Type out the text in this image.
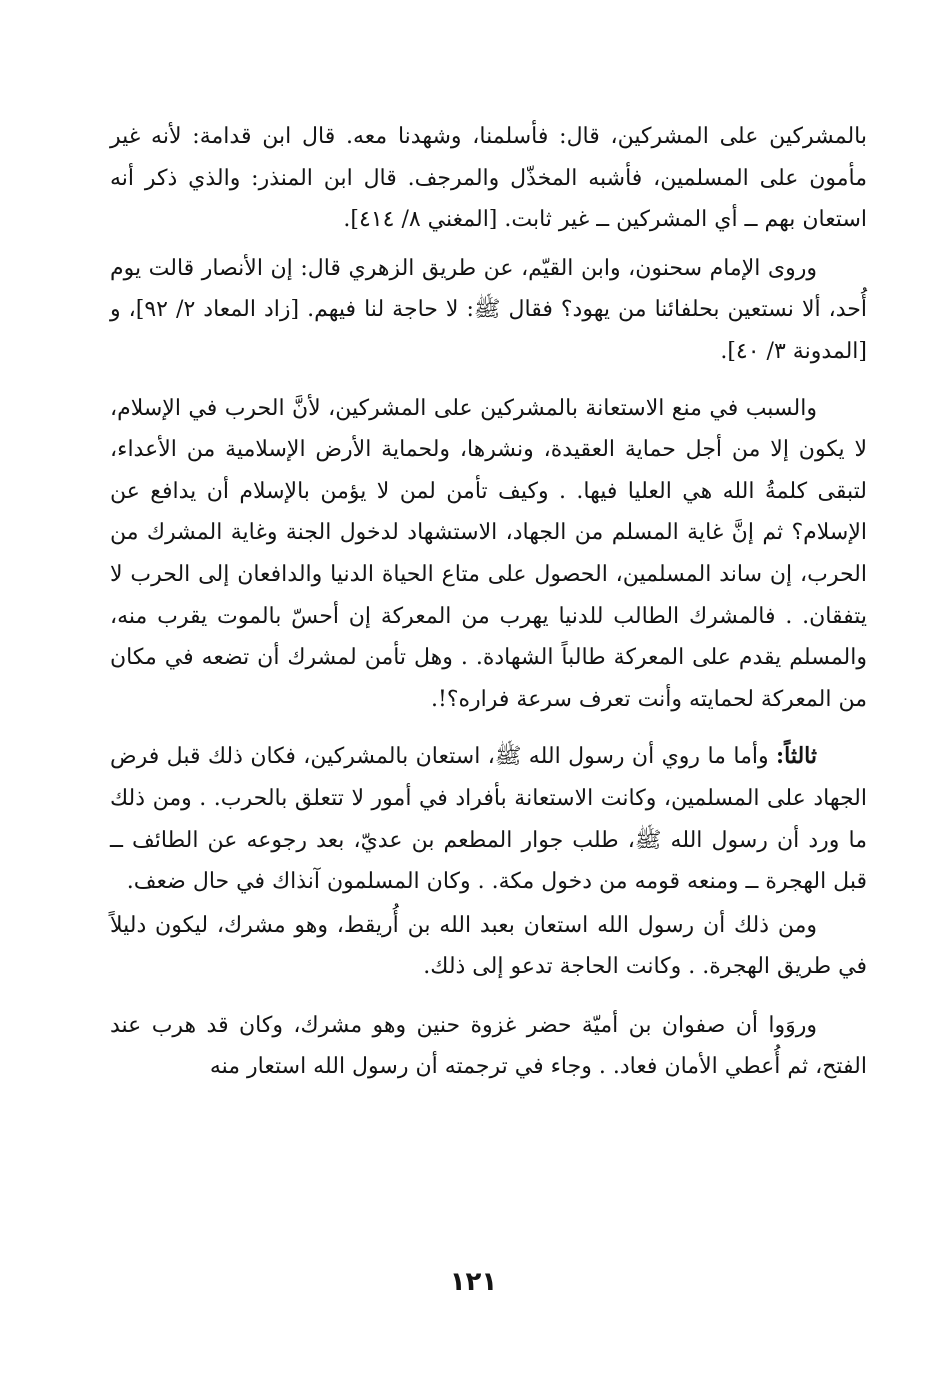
بالمشركين على المشركين، قال: فأسلمنا، وشهدنا معه. قال ابن قدامة: لأنه غير مأمون على المسلمين، فأشبه المخذّل والمرجف. قال ابن المنذر: والذي ذكر أنه استعان بهم ــ أي المشركين ــ غير ثابت. [المغني ٨/ ٤١٤].

وروى الإمام سحنون، وابن القيّم، عن طريق الزهري قال: إن الأنصار قالت يوم أُحد، ألا نستعين بحلفائنا من يهود؟ فقال ﷺ: لا حاجة لنا فيهم. [زاد المعاد ٢/ ٩٢]، و [المدونة ٣/ ٤٠].

والسبب في منع الاستعانة بالمشركين على المشركين، لأنَّ الحرب في الإسلام، لا يكون إلا من أجل حماية العقيدة، ونشرها، ولحماية الأرض الإسلامية من الأعداء، لتبقى كلمةُ الله هي العليا فيها. . وكيف تأمن لمن لا يؤمن بالإسلام أن يدافع عن الإسلام؟ ثم إنَّ غاية المسلم من الجهاد، الاستشهاد لدخول الجنة وغاية المشرك من الحرب، إن ساند المسلمين، الحصول على متاع الحياة الدنيا والدافعان إلى الحرب لا يتفقان. . فالمشرك الطالب للدنيا يهرب من المعركة إن أحسّ بالموت يقرب منه، والمسلم يقدم على المعركة طالباً الشهادة. . وهل تأمن لمشرك أن تضعه في مكان من المعركة لحمايته وأنت تعرف سرعة فراره؟!.

ثالثاً: وأما ما روي أن رسول الله ﷺ، استعان بالمشركين، فكان ذلك قبل فرض الجهاد على المسلمين، وكانت الاستعانة بأفراد في أمور لا تتعلق بالحرب. . ومن ذلك ما ورد أن رسول الله ﷺ، طلب جوار المطعم بن عديّ، بعد رجوعه عن الطائف ــ قبل الهجرة ــ ومنعه قومه من دخول مكة. . وكان المسلمون آنذاك في حال ضعف.

ومن ذلك أن رسول الله استعان بعبد الله بن أُريقط، وهو مشرك، ليكون دليلاً في طريق الهجرة. . وكانت الحاجة تدعو إلى ذلك.

وروَوا أن صفوان بن أميّة حضر غزوة حنين وهو مشرك، وكان قد هرب عند الفتح، ثم أُعطي الأمان فعاد. . وجاء في ترجمته أن رسول الله استعار منه

١٢١
